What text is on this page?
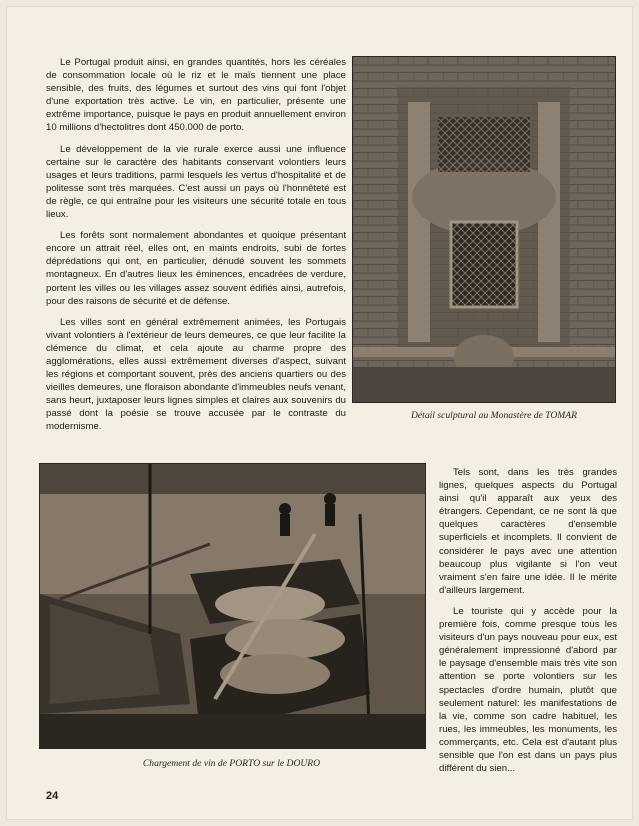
Le Portugal produit ainsi, en grandes quantités, hors les céréales de consommation locale où le riz et le maïs tiennent une place sensible, des fruits, des légumes et surtout des vins qui font l'objet d'une exportation très active. Le vin, en particulier, présente une extrême importance, puisque le pays en produit annuellement environ 10 millions d'hectolitres dont 450.000 de porto.

Le développement de la vie rurale exerce aussi une influence certaine sur le caractère des habitants conservant volontiers leurs usages et leurs traditions, parmi lesquels les vertus d'hospitalité et de politesse sont très marquées. C'est aussi un pays où l'honnêteté est de règle, ce qui entraîne pour les visiteurs une sécurité totale en tous lieux.

Les forêts sont normalement abondantes et quoique présentant encore un attrait réel, elles ont, en maints endroits, subi de fortes déprédations qui ont, en particulier, dénudé souvent les sommets montagneux. En d'autres lieux les éminences, encadrées de verdure, portent les villes ou les villages assez souvent édifiés ainsi, autrefois, pour des raisons de sécurité et de défense.

Les villes sont en général extrêmement animées, les Portugais vivant volontiers à l'extérieur de leurs demeures, ce que leur facilite la clémence du climat, et cela ajoute au charme propre des agglomérations, elles aussi extrêmement diverses d'aspect, suivant les régions et comportant souvent, près des anciens quartiers ou des vieilles demeures, une floraison abondante d'immeubles neufs venant, sans heurt, juxtaposer leurs lignes simples et claires aux souvenirs du passé dont la poésie se trouve accusée par le contraste du modernisme.

Détail sculptural au Monastère de TOMAR
Chargement de vin de PORTO sur le DOURO

Tels sont, dans les très grandes lignes, quelques aspects du Portugal ainsi qu'il apparaît aux yeux des étrangers. Cependant, ce ne sont là que quelques caractères d'ensemble superficiels et incomplets. Il convient de considérer le pays avec une attention beaucoup plus vigilante si l'on veut vraiment s'en faire une idée. Il le mérite d'ailleurs largement.

Le touriste qui y accède pour la première fois, comme presque tous les visiteurs d'un pays nouveau pour eux, est généralement impressionné d'abord par le paysage d'ensemble mais très vite son attention se porte volontiers sur les spectacles d'ordre humain, plutôt que seulement naturel: les manifestations de la vie, comme son cadre habituel, les rues, les immeubles, les monuments, les commerçants, etc. Cela est d'autant plus sensible que l'on est dans un pays plus différent du sien...

24
